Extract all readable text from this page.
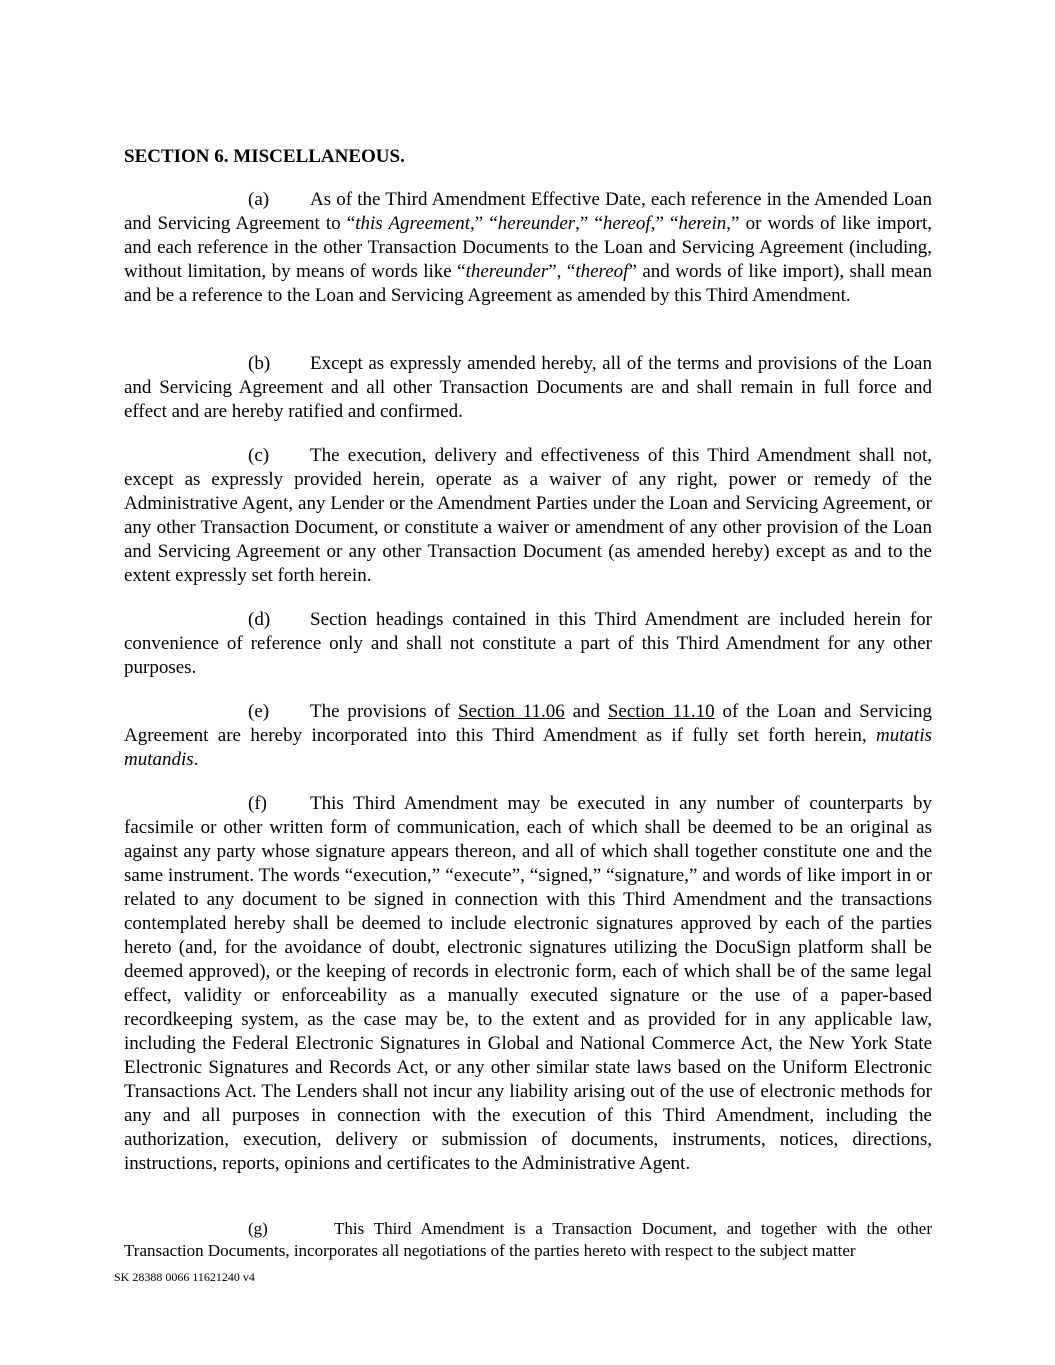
SECTION 6. MISCELLANEOUS.

(a) As of the Third Amendment Effective Date, each reference in the Amended Loan and Servicing Agreement to “this Agreement,” “hereunder,” “hereof,” “herein,” or words of like import, and each reference in the other Transaction Documents to the Loan and Servicing Agreement (including, without limitation, by means of words like “thereunder”, “thereof” and words of like import), shall mean and be a reference to the Loan and Servicing Agreement as amended by this Third Amendment.

(b) Except as expressly amended hereby, all of the terms and provisions of the Loan and Servicing Agreement and all other Transaction Documents are and shall remain in full force and effect and are hereby ratified and confirmed.

(c) The execution, delivery and effectiveness of this Third Amendment shall not, except as expressly provided herein, operate as a waiver of any right, power or remedy of the Administrative Agent, any Lender or the Amendment Parties under the Loan and Servicing Agreement, or any other Transaction Document, or constitute a waiver or amendment of any other provision of the Loan and Servicing Agreement or any other Transaction Document (as amended hereby) except as and to the extent expressly set forth herein.

(d) Section headings contained in this Third Amendment are included herein for convenience of reference only and shall not constitute a part of this Third Amendment for any other purposes.

(e) The provisions of Section 11.06 and Section 11.10 of the Loan and Servicing Agreement are hereby incorporated into this Third Amendment as if fully set forth herein, mutatis mutandis.

(f) This Third Amendment may be executed in any number of counterparts by facsimile or other written form of communication, each of which shall be deemed to be an original as against any party whose signature appears thereon, and all of which shall together constitute one and the same instrument. The words “execution,” “execute”, “signed,” “signature,” and words of like import in or related to any document to be signed in connection with this Third Amendment and the transactions contemplated hereby shall be deemed to include electronic signatures approved by each of the parties hereto (and, for the avoidance of doubt, electronic signatures utilizing the DocuSign platform shall be deemed approved), or the keeping of records in electronic form, each of which shall be of the same legal effect, validity or enforceability as a manually executed signature or the use of a paper-based recordkeeping system, as the case may be, to the extent and as provided for in any applicable law, including the Federal Electronic Signatures in Global and National Commerce Act, the New York State Electronic Signatures and Records Act, or any other similar state laws based on the Uniform Electronic Transactions Act. The Lenders shall not incur any liability arising out of the use of electronic methods for any and all purposes in connection with the execution of this Third Amendment, including the authorization, execution, delivery or submission of documents, instruments, notices, directions, instructions, reports, opinions and certificates to the Administrative Agent.

(g)	This Third Amendment is a Transaction Document, and together with the other Transaction Documents, incorporates all negotiations of the parties hereto with respect to the subject matter

SK 28388 0066 11621240 v4
